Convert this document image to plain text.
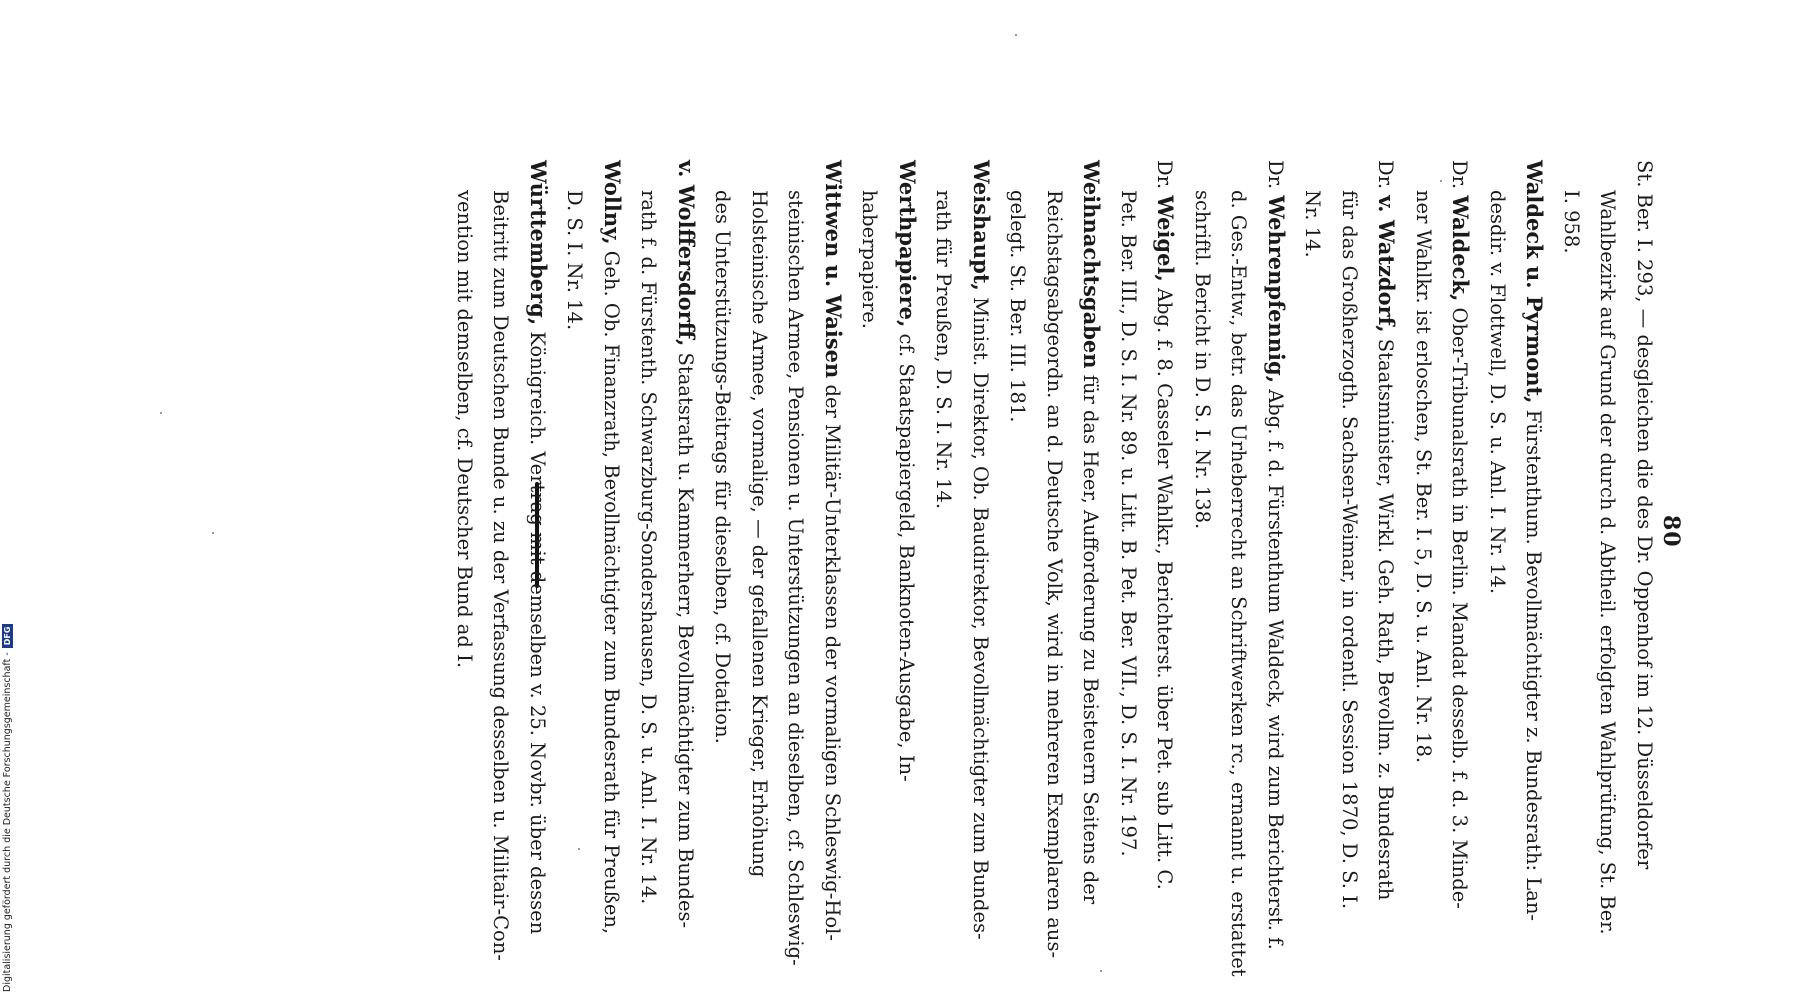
Digitalisierung gefördert durch die Deutsche Forschungsgemeinschaft -
DFG
80
St. Ber. I. 293, — desgleichen die des Dr. Oppenhof im 12. Düsseldorfer
Wahlbezirk auf Grund der durch d. Abtheil. erfolgten Wahlprüfung, St. Ber.
I. 958.
Waldeck u. Pyrmont, Fürstenthum. Bevollmächtigter z. Bundesrath: Lan-
desdir. v. Flottwell, D. S. u. Anl. I. Nr. 14.
Dr. Waldeck, Ober-Tribunalsrath in Berlin. Mandat desselb. f. d. 3. Minde-
ner Wahlkr. ist erloschen, St. Ber. I. 5, D. S. u. Anl. Nr. 18.
Dr. v. Watzdorf, Staatsminister, Wirkl. Geh. Rath, Bevollm. z. Bundesrath
für das Großherzogth. Sachsen-Weimar, in ordentl. Session 1870, D. S. I.
Nr. 14.
Dr. Wehrenpfennig, Abg. f. d. Fürstenthum Waldeck, wird zum Berichterst. f.
d. Ges.-Entw., betr. das Urheberrecht an Schriftwerken rc., ernannt u. erstattet
schriftl. Bericht in D. S. I. Nr. 138.
Dr. Weigel, Abg. f. 8. Casseler Wahlkr., Berichterst. über Pet. sub Litt. C.
Pet. Ber. III., D. S. I. Nr. 89. u. Litt. B. Pet. Ber. VII., D. S. I. Nr. 197.
Weihnachtsgaben für das Heer, Aufforderung zu Beisteuern Seitens der
Reichstagsabgeordn. an d. Deutsche Volk, wird in mehreren Exemplaren aus-
gelegt. St. Ber. III. 181.
Weishaupt, Minist. Direktor, Ob. Baudirektor, Bevollmächtigter zum Bundes-
rath für Preußen, D. S. I. Nr. 14.
Werthpapiere, cf. Staatspapiergeld, Banknoten-Ausgabe, In-
haberpapiere.
Wittwen u. Waisen der Militär-Unterklassen der vormaligen Schleswig-Hol-
steinischen Armee, Pensionen u. Unterstützungen an dieselben, cf. Schleswig-
Holsteinische Armee, vormalige, — der gefallenen Krieger, Erhöhung
des Unterstützungs-Beitrags für dieselben, cf. Dotation.
v. Wolffersdorff, Staatsrath u. Kammerherr, Bevollmächtigter zum Bundes-
rath f. d. Fürstenth. Schwarzburg-Sondershausen, D. S. u. Anl. I. Nr. 14.
Wollny, Geh. Ob. Finanzrath, Bevollmächtigter zum Bundesrath für Preußen,
D. S. I. Nr. 14.
Württemberg, Königreich. Vertrag mit demselben v. 25. Novbr. über dessen
Beitritt zum Deutschen Bunde u. zu der Verfassung desselben u. Militair-Con-
vention mit demselben, cf. Deutscher Bund ad I.
